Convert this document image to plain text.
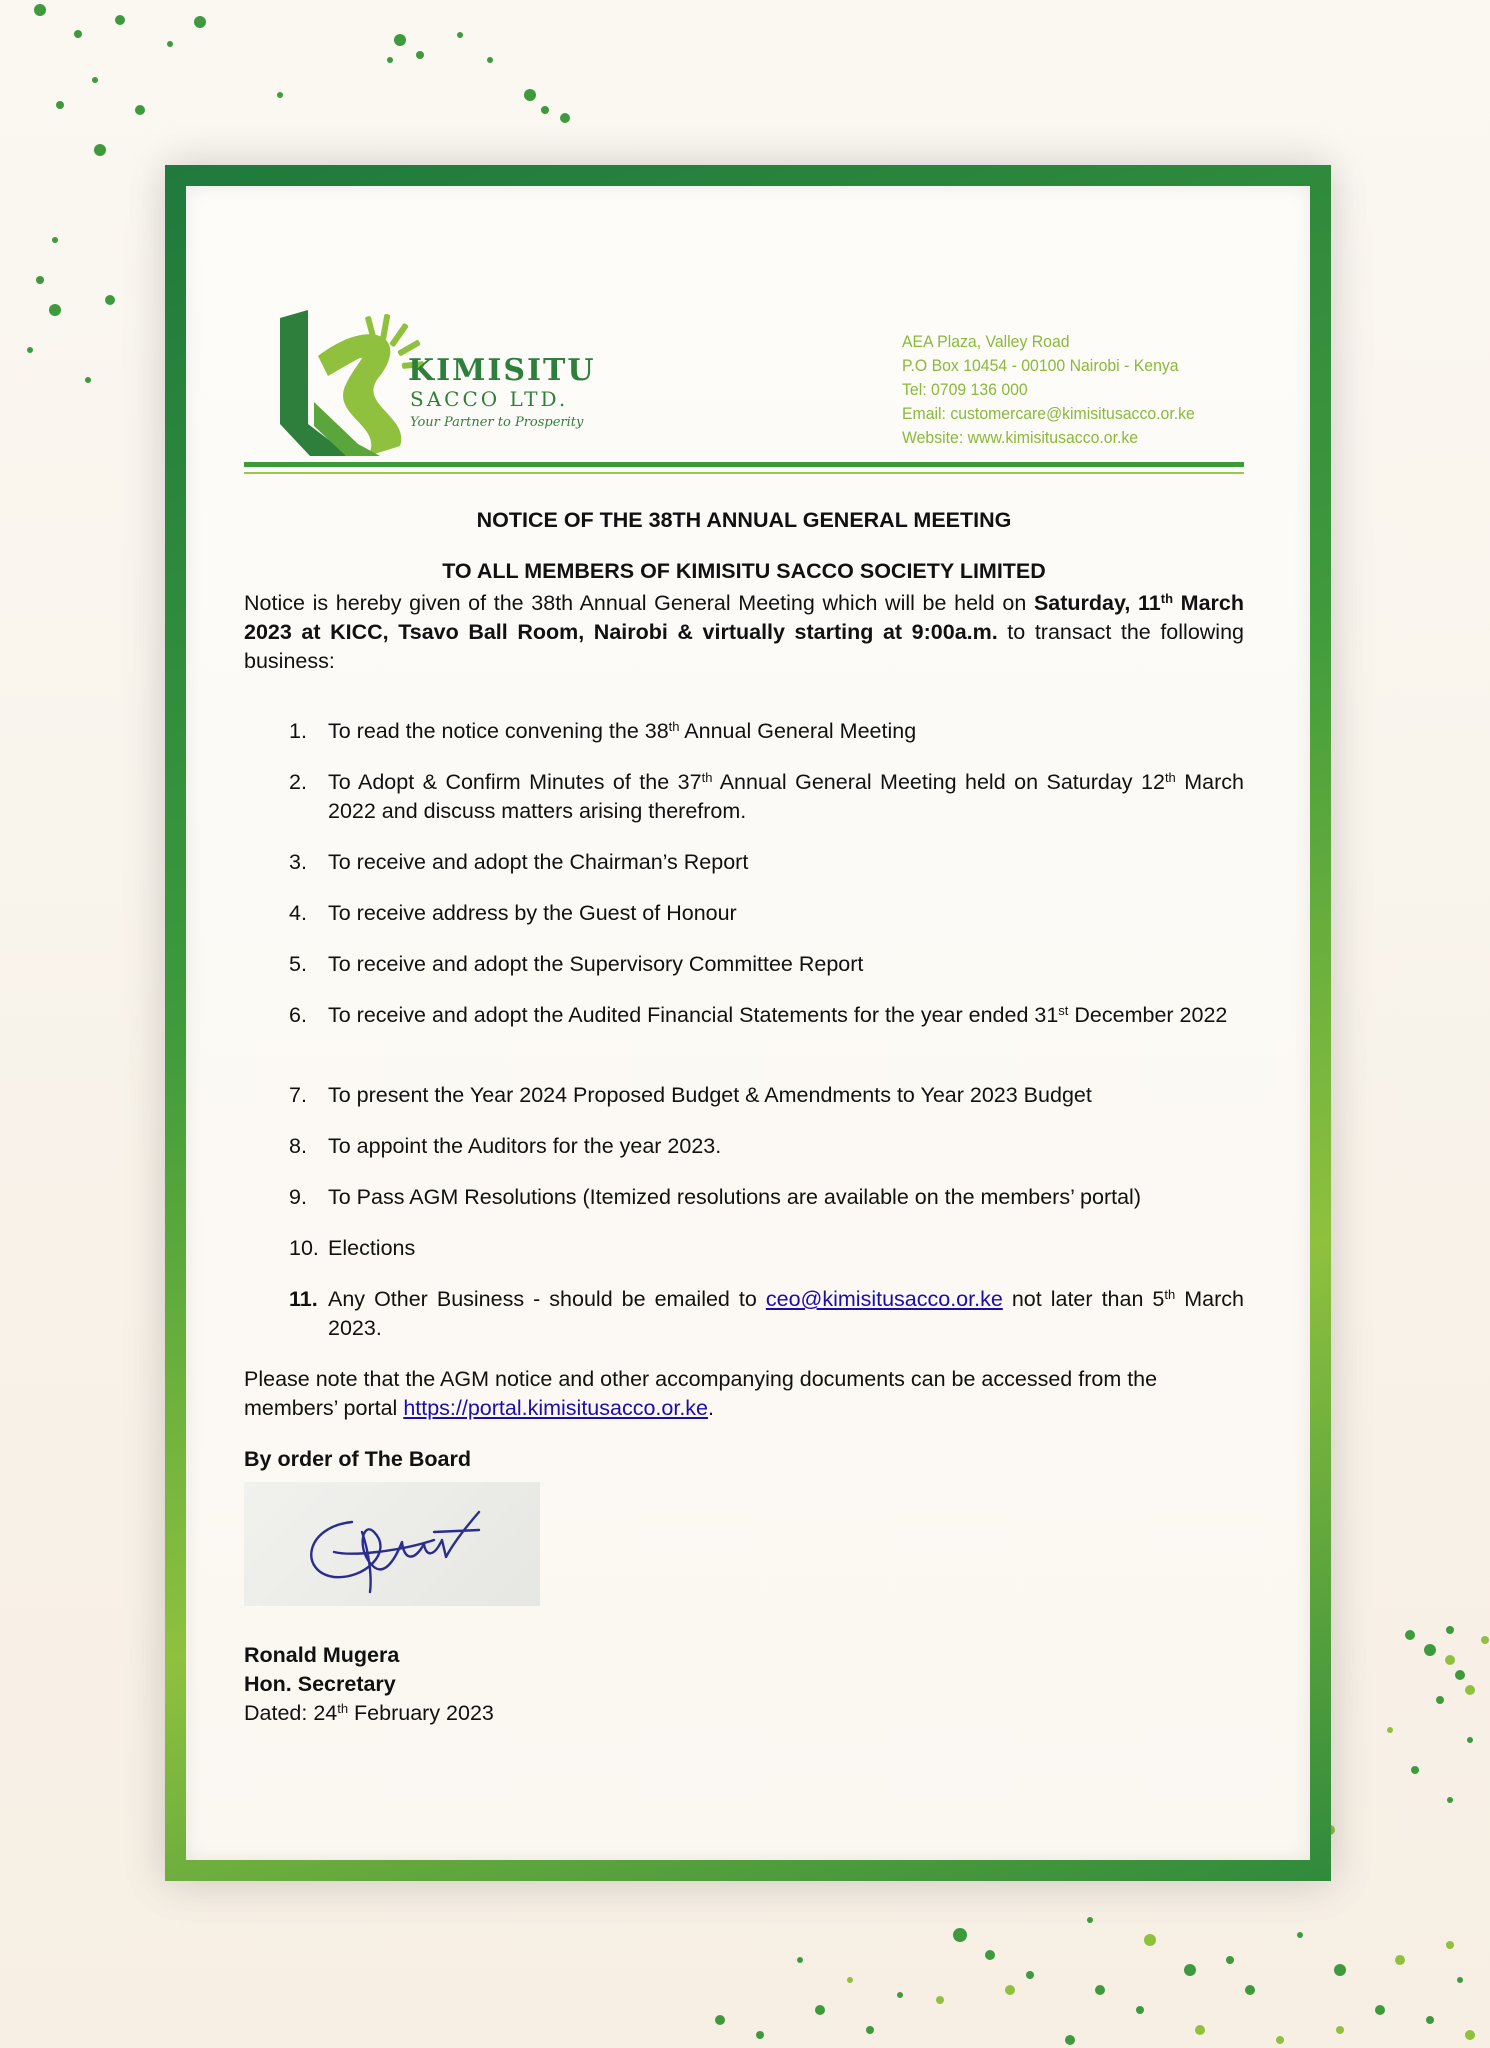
KIMISITU
SACCO LTD.
Your Partner to Prosperity
AEA Plaza, Valley Road
P.O Box 10454 - 00100 Nairobi - Kenya
Tel: 0709 136 000
Email: customercare@kimisitusacco.or.ke
Website: www.kimisitusacco.or.ke
NOTICE OF THE 38TH ANNUAL GENERAL MEETING
TO ALL MEMBERS OF KIMISITU SACCO SOCIETY LIMITED
Notice is hereby given of the 38th Annual General Meeting which will be held on Saturday, 11th March 2023 at KICC, Tsavo Ball Room, Nairobi & virtually starting at 9:00a.m. to transact the following business:
1. To read the notice convening the 38th Annual General Meeting
2. To Adopt & Confirm Minutes of the 37th Annual General Meeting held on Saturday 12th March 2022 and discuss matters arising therefrom.
3. To receive and adopt the Chairman’s Report
4. To receive address by the Guest of Honour
5. To receive and adopt the Supervisory Committee Report
6. To receive and adopt the Audited Financial Statements for the year ended 31st December 2022
7. To present the Year 2024 Proposed Budget & Amendments to Year 2023 Budget
8. To appoint the Auditors for the year 2023.
9. To Pass AGM Resolutions (Itemized resolutions are available on the members’ portal)
10. Elections
11. Any Other Business - should be emailed to ceo@kimisitusacco.or.ke not later than 5th March 2023.
Please note that the AGM notice and other accompanying documents can be accessed from the members’ portal https://portal.kimisitusacco.or.ke.
By order of The Board
Ronald Mugera
Hon. Secretary
Dated: 24th February 2023
